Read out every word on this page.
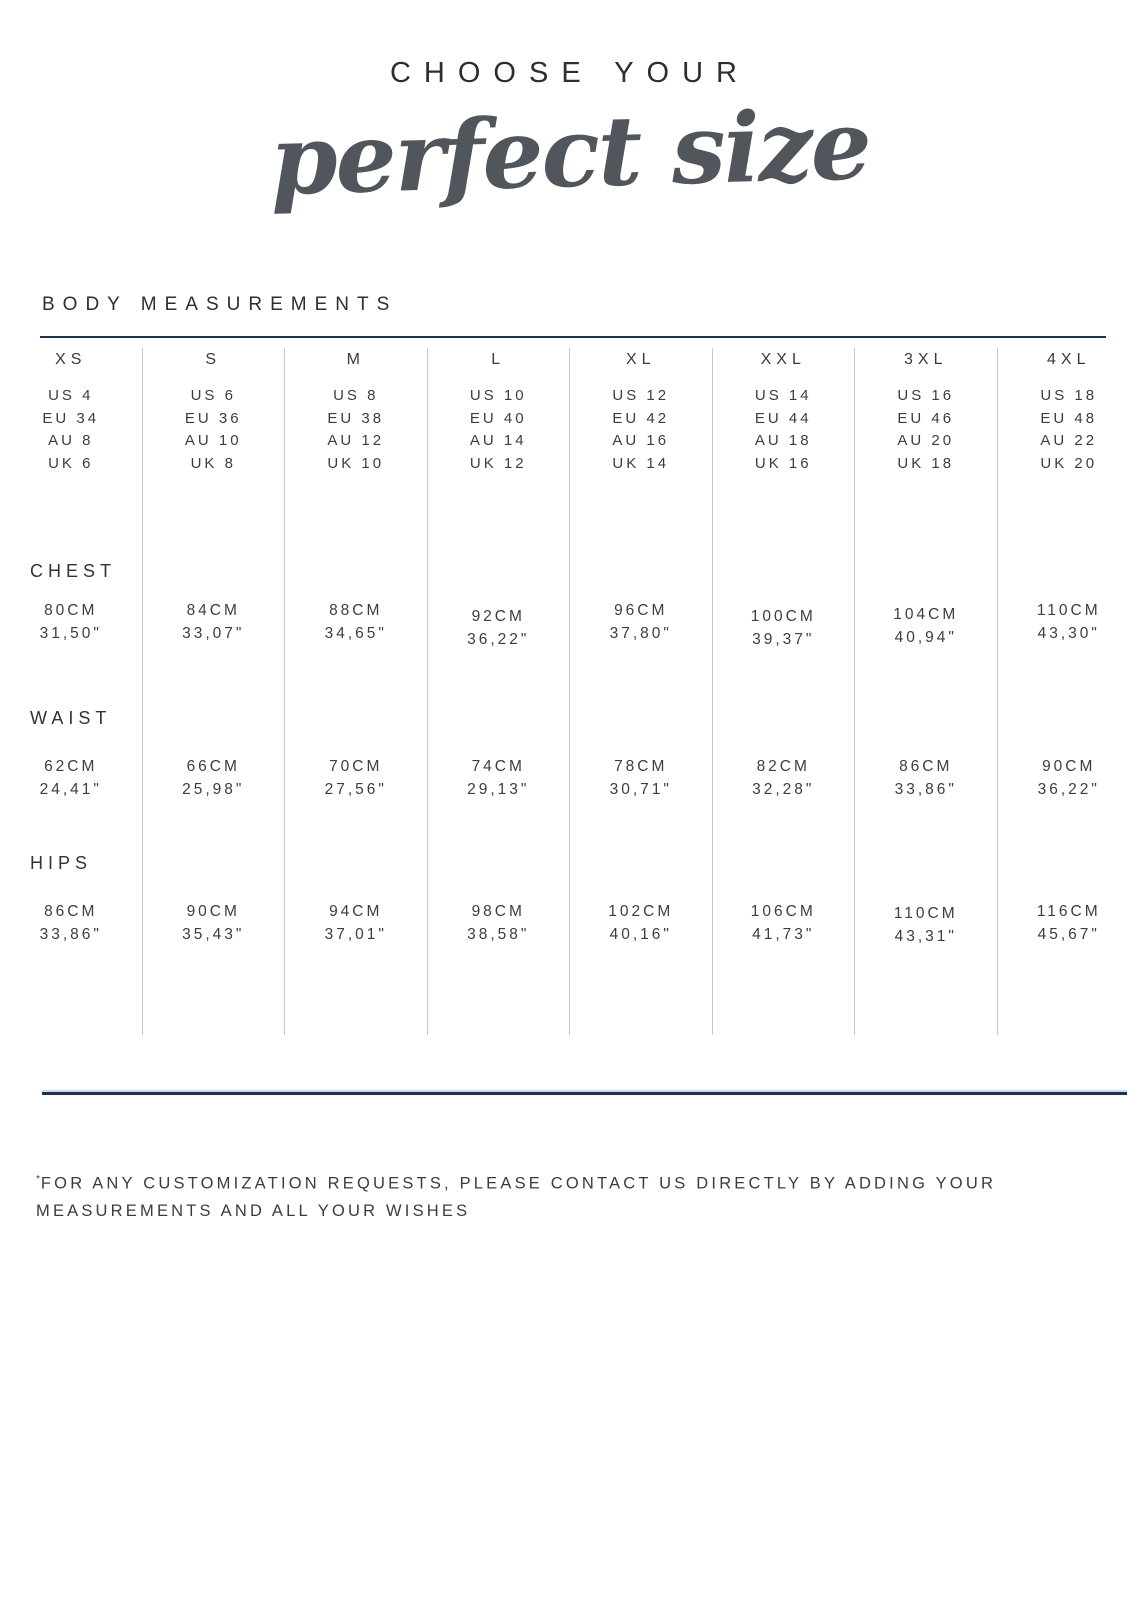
CHOOSE YOUR
perfect size
BODY MEASUREMENTS
XS
US 4
EU 34
AU 8
UK 6
80CM
31,50"
62CM
24,41"
86CM
33,86"
S
US 6
EU 36
AU 10
UK 8
84CM
33,07"
66CM
25,98"
90CM
35,43"
M
US 8
EU 38
AU 12
UK 10
88CM
34,65"
70CM
27,56"
94CM
37,01"
L
US 10
EU 40
AU 14
UK 12
92CM
36,22"
74CM
29,13"
98CM
38,58"
XL
US 12
EU 42
AU 16
UK 14
96CM
37,80"
78CM
30,71"
102CM
40,16"
XXL
US 14
EU 44
AU 18
UK 16
100CM
39,37"
82CM
32,28"
106CM
41,73"
3XL
US 16
EU 46
AU 20
UK 18
104CM
40,94"
86CM
33,86"
110CM
43,31"
4XL
US 18
EU 48
AU 22
UK 20
110CM
43,30"
90CM
36,22"
116CM
45,67"
CHEST
WAIST
HIPS

*FOR ANY CUSTOMIZATION REQUESTS, PLEASE CONTACT US DIRECTLY BY ADDING YOUR MEASUREMENTS AND ALL YOUR WISHES
